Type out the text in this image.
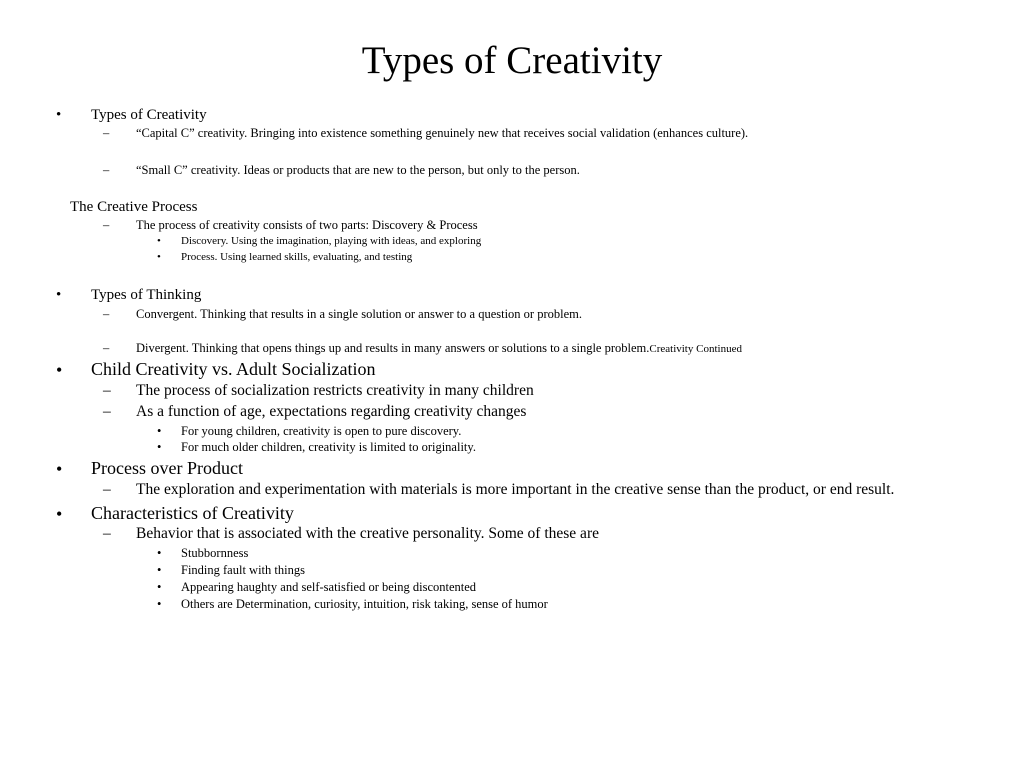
Types of Creativity
• Types of Creativity
– “Capital C” creativity. Bringing into existence something genuinely new that receives social validation (enhances culture).
– “Small C” creativity. Ideas or products that are new to the person, but only to the person.
The Creative Process
– The process of creativity consists of two parts: Discovery & Process
• Discovery. Using the imagination, playing with ideas, and exploring
• Process. Using learned skills, evaluating, and testing
• Types of Thinking
– Convergent. Thinking that results in a single solution or answer to a question or problem.
– Divergent. Thinking that opens things up and results in many answers or solutions to a single problem.Creativity Continued
• Child Creativity vs. Adult Socialization
– The process of socialization restricts creativity in many children
– As a function of age, expectations regarding creativity changes
• For young children, creativity is open to pure discovery.
• For much older children, creativity is limited to originality.
• Process over Product
– The exploration and experimentation with materials is more important in the creative sense than the product, or end result.
• Characteristics of Creativity
– Behavior that is associated with the creative personality. Some of these are
• Stubbornness
• Finding fault with things
• Appearing haughty and self-satisfied or being discontented
• Others are Determination, curiosity, intuition, risk taking, sense of humor
